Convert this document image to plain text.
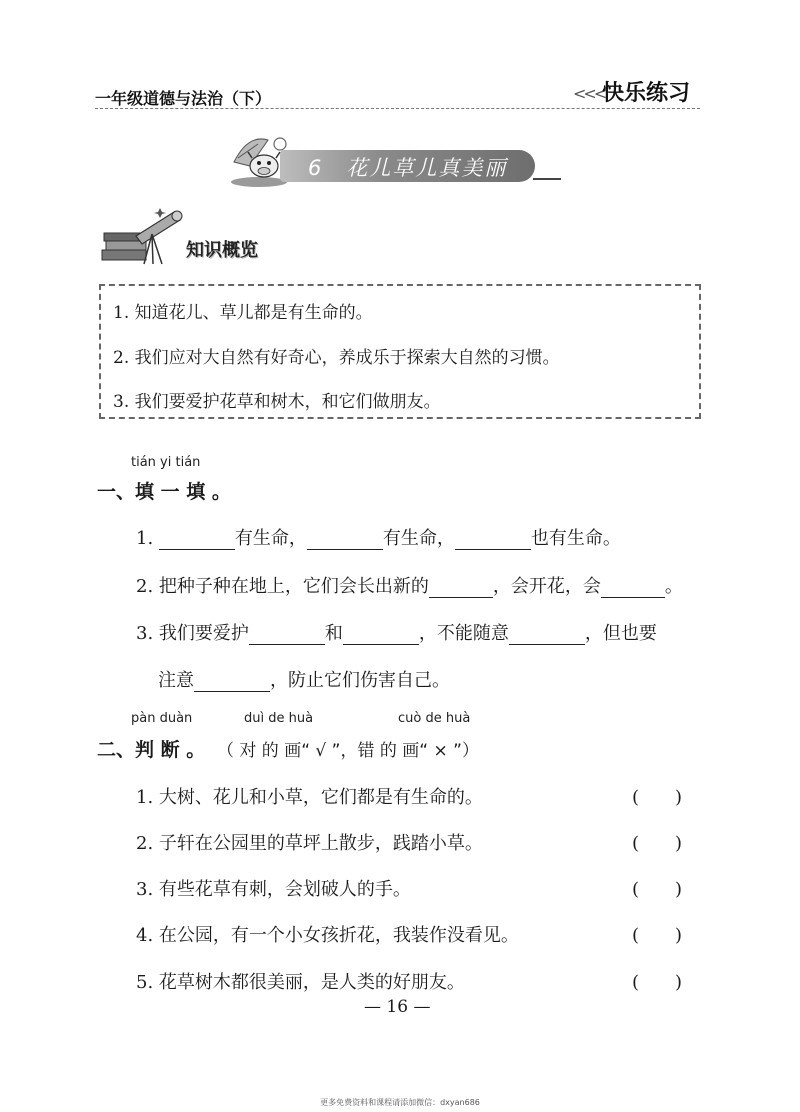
一年级道德与法治（下）	<<<
快乐练习
6　花儿草儿真美丽
知识概览
1. 知道花儿、草儿都是有生命的。
2. 我们应对大自然有好奇心，养成乐于探索大自然的习惯。
3. 我们要爱护花草和树木，和它们做朋友。
tián yi tián
一、填 一 填 。
1.	有生命，	有生命，	也有生命。
2. 把种子种在地上，它们会长出新的	，会开花，会	。
3. 我们要爱护	和	，不能随意	，但也要
注意	，防止它们伤害自己。
pàn duàn	duì de huà	cuò de huà
二、判 断 。 （ 对 的 画“ √ ”，错 的 画“ × ”）
1. 大树、花儿和小草，它们都是有生命的。	(　　)
2. 子轩在公园里的草坪上散步，践踏小草。	(　　)
3. 有些花草有刺，会划破人的手。	(　　)
4. 在公园，有一个小女孩折花，我装作没看见。	(　　)
5. 花草树木都很美丽，是人类的好朋友。	(　　)
— 16 —
更多免费资料和课程请添加微信：dxyan686
